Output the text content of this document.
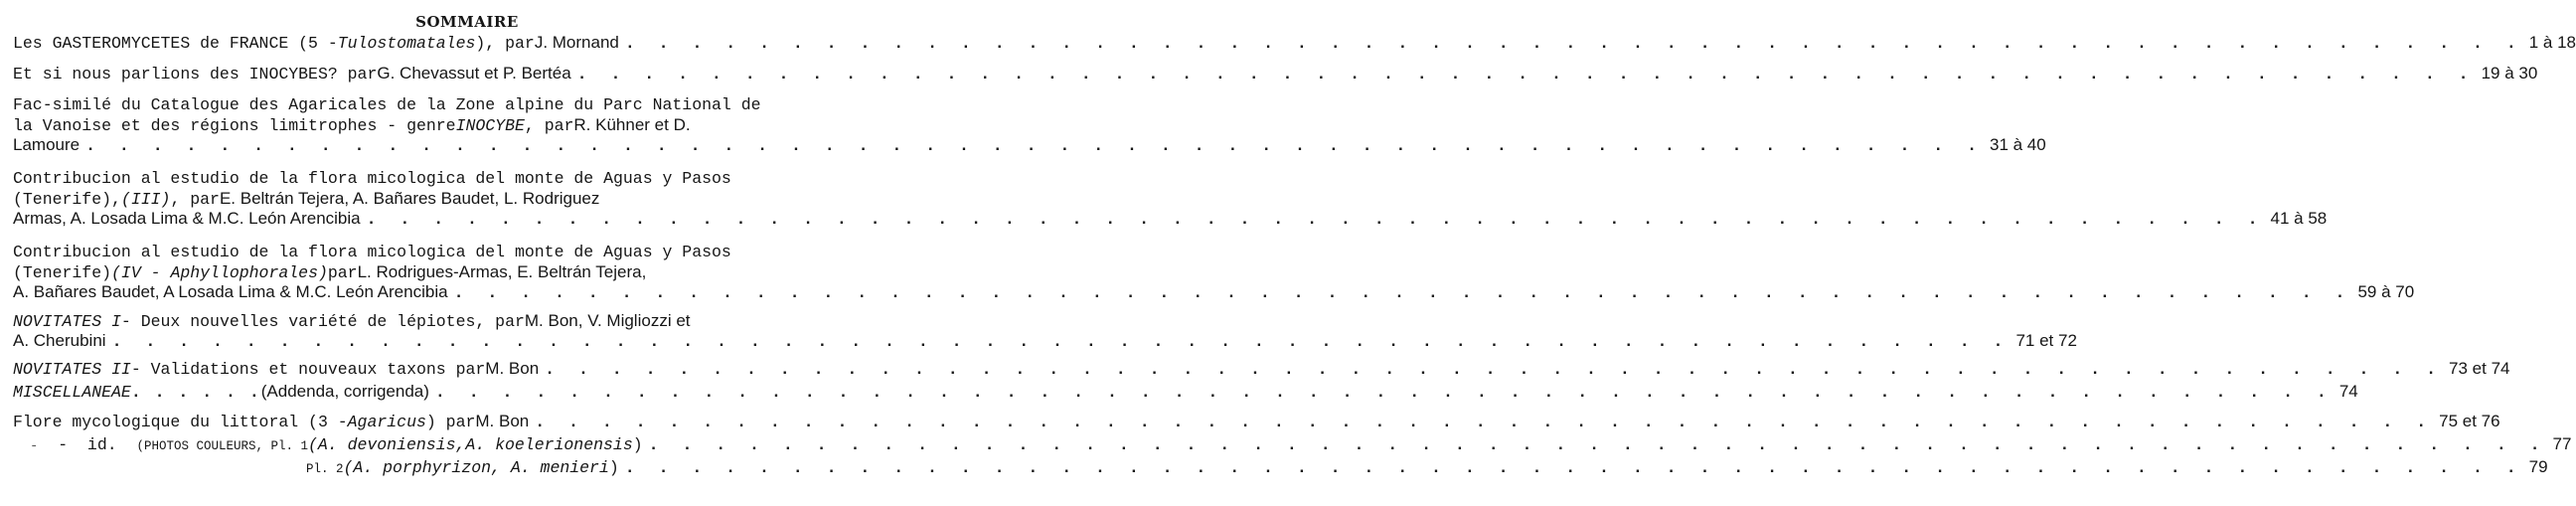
SOMMAIRE
Les GASTEROMYCETES de FRANCE (5 - Tulostomatales ), par J. Mornand . . . . . . . . . . . . . . . . . . . . . . . . . . . . . . . . . . . . . . . . . . . . . . . . . . . . . . . . . 1 à 18
Et si nous parlions des INOCYBES? par G. Chevassut et P. Bertéa . . . . . . . . . . . . . . . . . . . . . . . . . . . . . . . . . . . . . . . . . . . . . . . . . . . . . . . . . 19 à 30
Fac-similé du Catalogue des Agaricales de la Zone alpine du Parc National de
la Vanoise et des régions limitrophes - genre INOCYBE , par R. Kühner et D.
Lamoure . . . . . . . . . . . . . . . . . . . . . . . . . . . . . . . . . . . . . . . . . . . . . . . . . . . . . . . . . 31 à 40
Contribucion al estudio de la flora micologica del monte de Aguas y Pasos
(Tenerife), (III) , par E. Beltrán Tejera, A. Bañares Baudet, L. Rodriguez
Armas, A. Losada Lima & M.C. León Arencibia . . . . . . . . . . . . . . . . . . . . . . . . . . . . . . . . . . . . . . . . . . . . . . . . . . . . . . . . . 41 à 58
Contribucion al estudio de la flora micologica del monte de Aguas y Pasos
(Tenerife) (IV - Aphyllophorales) par L. Rodrigues-Armas, E. Beltrán Tejera,
A. Bañares Baudet, A Losada Lima & M.C. León Arencibia . . . . . . . . . . . . . . . . . . . . . . . . . . . . . . . . . . . . . . . . . . . . . . . . . . . . . . . . . 59 à 70
NOVITATES I - Deux nouvelles variété de lépiotes, par M. Bon, V. Migliozzi et
A. Cherubini . . . . . . . . . . . . . . . . . . . . . . . . . . . . . . . . . . . . . . . . . . . . . . . . . . . . . . . . . 71 et 72
NOVITATES II - Validations et nouveaux taxons par M. Bon . . . . . . . . . . . . . . . . . . . . . . . . . . . . . . . . . . . . . . . . . . . . . . . . . . . . . . . . . 73 et 74
MISCELLANEAE . . . . . . (Addenda, corrigenda) . . . . . . . . . . . . . . . . . . . . . . . . . . . . . . . . . . . . . . . . . . . . . . . . . . . . . . . . . 74
Flore mycologique du littoral (3 - Agaricus ) par M. Bon . . . . . . . . . . . . . . . . . . . . . . . . . . . . . . . . . . . . . . . . . . . . . . . . . . . . . . . . . 75 et 76
- -  id. (PHOTOS COULEURS, Pl. 1 (A. devoniensis,A. koelerionensis ) . . . . . . . . . . . . . . . . . . . . . . . . . . . . . . . . . . . . . . . . . . . . . . . . . . . . . . . . . 77
Pl. 2 (A. porphyrizon, A. menieri ) . . . . . . . . . . . . . . . . . . . . . . . . . . . . . . . . . . . . . . . . . . . . . . . . . . . . . . . . . 79
